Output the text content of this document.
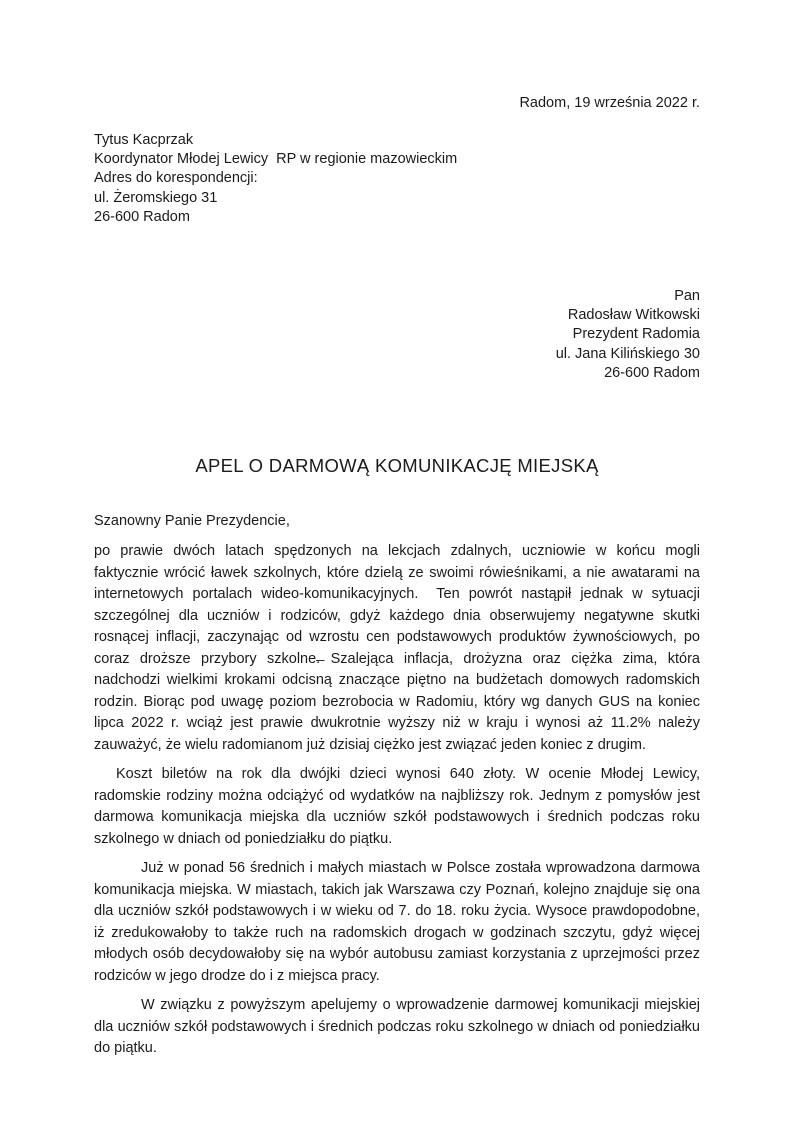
Radom, 19 września 2022 r.
Tytus Kacprzak
Koordynator Młodej Lewicy  RP w regionie mazowieckim
Adres do korespondencji:
ul. Żeromskiego 31
26-600 Radom
Pan
Radosław Witkowski
Prezydent Radomia
ul. Jana Kilińskiego 30
26-600 Radom
APEL O DARMOWĄ KOMUNIKACJĘ MIEJSKĄ
Szanowny Panie Prezydencie,

po prawie dwóch latach spędzonych na lekcjach zdalnych, uczniowie w końcu mogli faktycznie wrócić ławek szkolnych, które dzielą ze swoimi rówieśnikami, a nie awatarami na internetowych portalach wideo-komunikacyjnych.  Ten powrót nastąpił jednak w sytuacji szczególnej dla uczniów i rodziców, gdyż każdego dnia obserwujemy negatywne skutki rosnącej inflacji, zaczynając od wzrostu cen podstawowych produktów żywnościowych, po coraz droższe przybory szkolne.̶ Szalejąca inflacja, drożyzna oraz ciężka zima, która nadchodzi wielkimi krokami odcisną znaczące piętno na budżetach domowych radomskich rodzin. Biorąc pod uwagę poziom bezrobocia w Radomiu, który wg danych GUS na koniec lipca 2022 r. wciąż jest prawie dwukrotnie wyższy niż w kraju i wynosi aż 11.2% należy zauważyć, że wielu radomianom już dzisiaj ciężko jest związać jeden koniec z drugim.

Koszt biletów na rok dla dwójki dzieci wynosi 640 złoty. W ocenie Młodej Lewicy, radomskie rodziny można odciążyć od wydatków na najbliższy rok. Jednym z pomysłów jest darmowa komunikacja miejska dla uczniów szkół podstawowych i średnich podczas roku szkolnego w dniach od poniedziałku do piątku.

Już w ponad 56 średnich i małych miastach w Polsce została wprowadzona darmowa komunikacja miejska. W miastach, takich jak Warszawa czy Poznań, kolejno znajduje się ona dla uczniów szkół podstawowych i w wieku od 7. do 18. roku życia. Wysoce prawdopodobne, iż zredukowałoby to także ruch na radomskich drogach w godzinach szczytu, gdyż więcej młodych osób decydowałoby się na wybór autobusu zamiast korzystania z uprzejmości przez rodziców w jego drodze do i z miejsca pracy.

W związku z powyższym apelujemy o wprowadzenie darmowej komunikacji miejskiej dla uczniów szkół podstawowych i średnich podczas roku szkolnego w dniach od poniedziałku do piątku.
